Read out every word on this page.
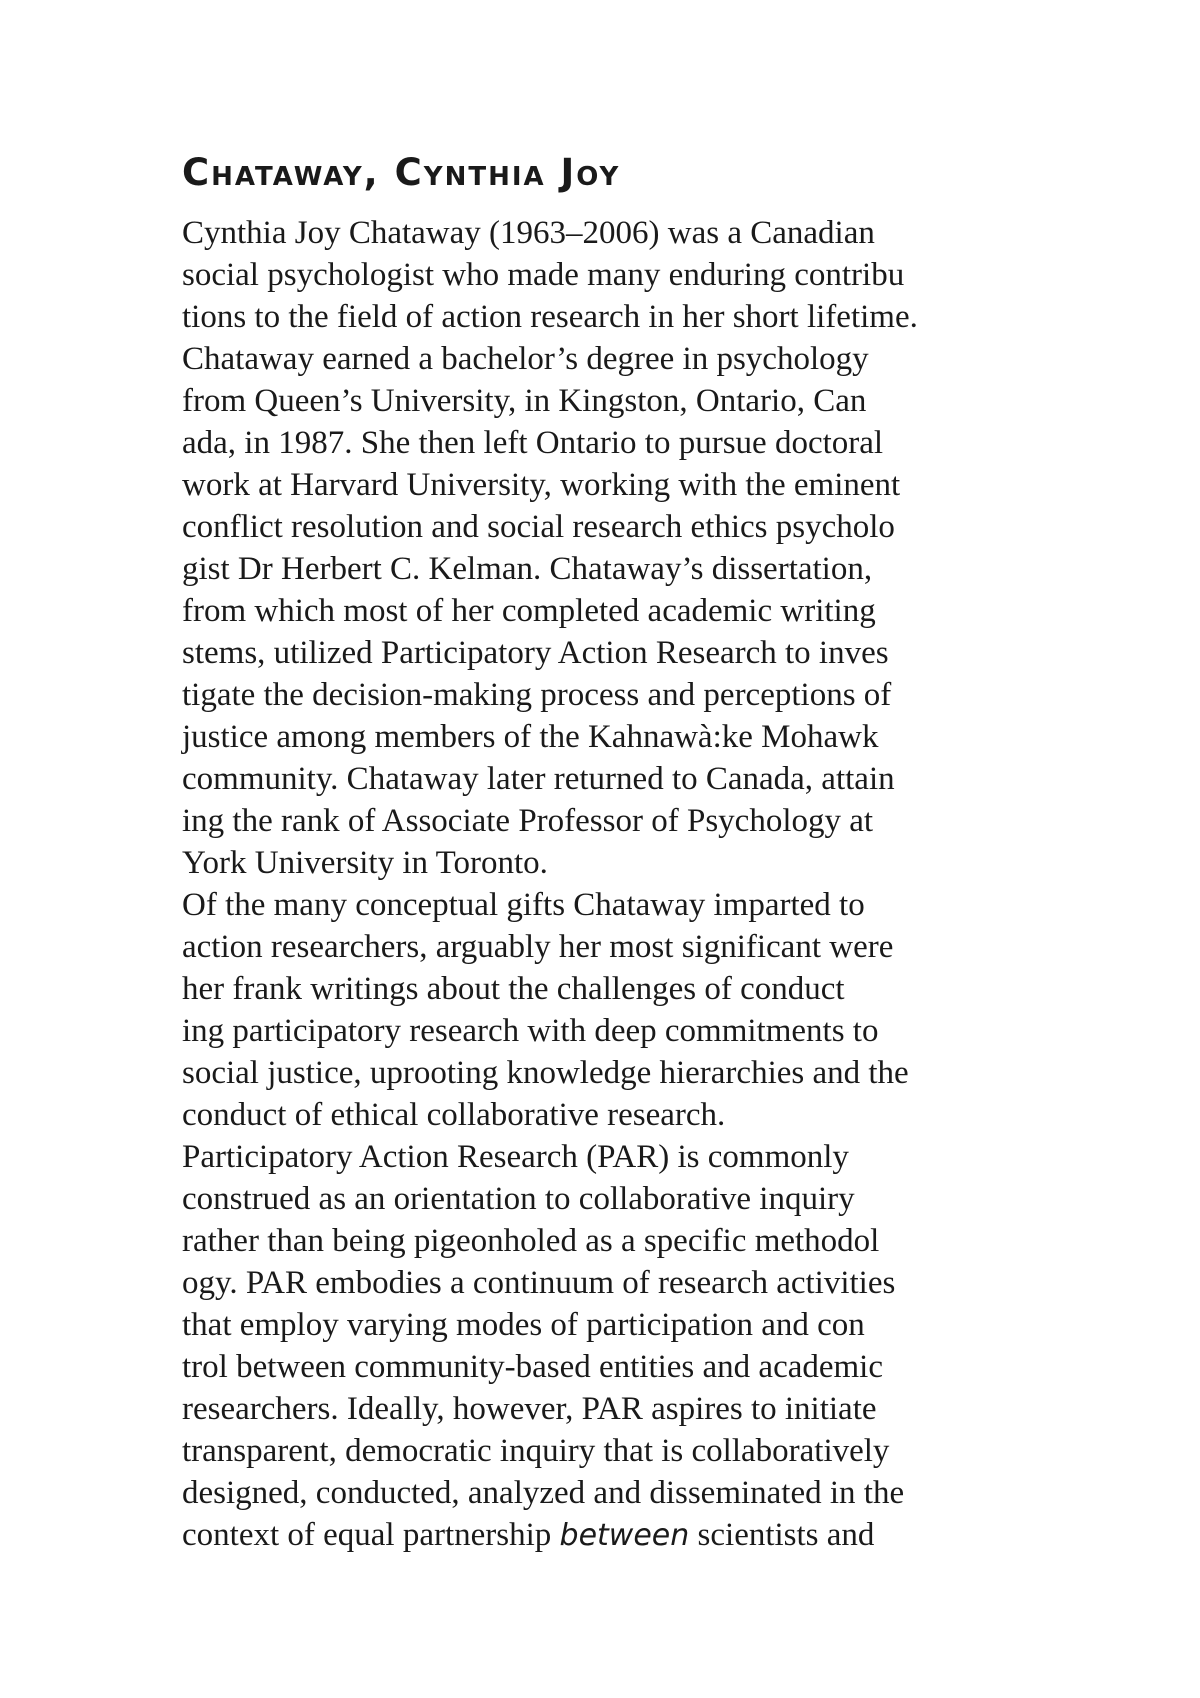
Chataway, Cynthia Joy
Cynthia Joy Chataway (1963–2006) was a Canadian
social psychologist who made many enduring contribu
tions to the field of action research in her short lifetime.
Chataway earned a bachelor’s degree in psychology
from Queen’s University, in Kingston, Ontario, Can
ada, in 1987. She then left Ontario to pursue doctoral
work at Harvard University, working with the eminent
conflict resolution and social research ethics psycholo
gist Dr Herbert C. Kelman. Chataway’s dissertation,
from which most of her completed academic writing
stems, utilized Participatory Action Research to inves
tigate the decision-making process and perceptions of
justice among members of the Kahnawà:ke Mohawk
community. Chataway later returned to Canada, attain
ing the rank of Associate Professor of Psychology at
York University in Toronto.
Of the many conceptual gifts Chataway imparted to
action researchers, arguably her most significant were
her frank writings about the challenges of conduct
ing participatory research with deep commitments to
social justice, uprooting knowledge hierarchies and the
conduct of ethical collaborative research.
Participatory Action Research (PAR) is commonly
construed as an orientation to collaborative inquiry
rather than being pigeonholed as a specific methodol
ogy. PAR embodies a continuum of research activities
that employ varying modes of participation and con
trol between community-based entities and academic
researchers. Ideally, however, PAR aspires to initiate
transparent, democratic inquiry that is collaboratively
designed, conducted, analyzed and disseminated in the
context of equal partnership between scientists and
